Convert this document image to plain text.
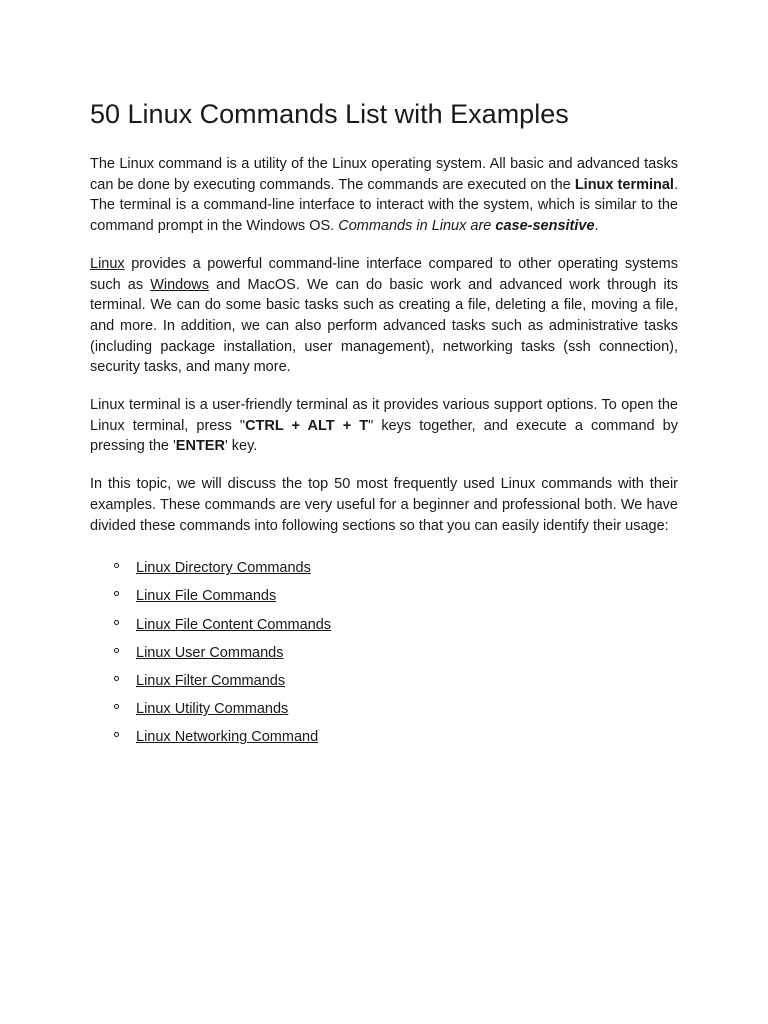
50 Linux Commands List with Examples

The Linux command is a utility of the Linux operating system. All basic and advanced tasks can be done by executing commands. The commands are executed on the Linux terminal. The terminal is a command-line interface to interact with the system, which is similar to the command prompt in the Windows OS. Commands in Linux are case-sensitive.

Linux provides a powerful command-line interface compared to other operating systems such as Windows and MacOS. We can do basic work and advanced work through its terminal. We can do some basic tasks such as creating a file, deleting a file, moving a file, and more. In addition, we can also perform advanced tasks such as administrative tasks (including package installation, user management), networking tasks (ssh connection), security tasks, and many more.

Linux terminal is a user-friendly terminal as it provides various support options. To open the Linux terminal, press "CTRL + ALT + T" keys together, and execute a command by pressing the 'ENTER' key.

In this topic, we will discuss the top 50 most frequently used Linux commands with their examples. These commands are very useful for a beginner and professional both. We have divided these commands into following sections so that you can easily identify their usage:

Linux Directory Commands
Linux File Commands
Linux File Content Commands
Linux User Commands
Linux Filter Commands
Linux Utility Commands
Linux Networking Command
